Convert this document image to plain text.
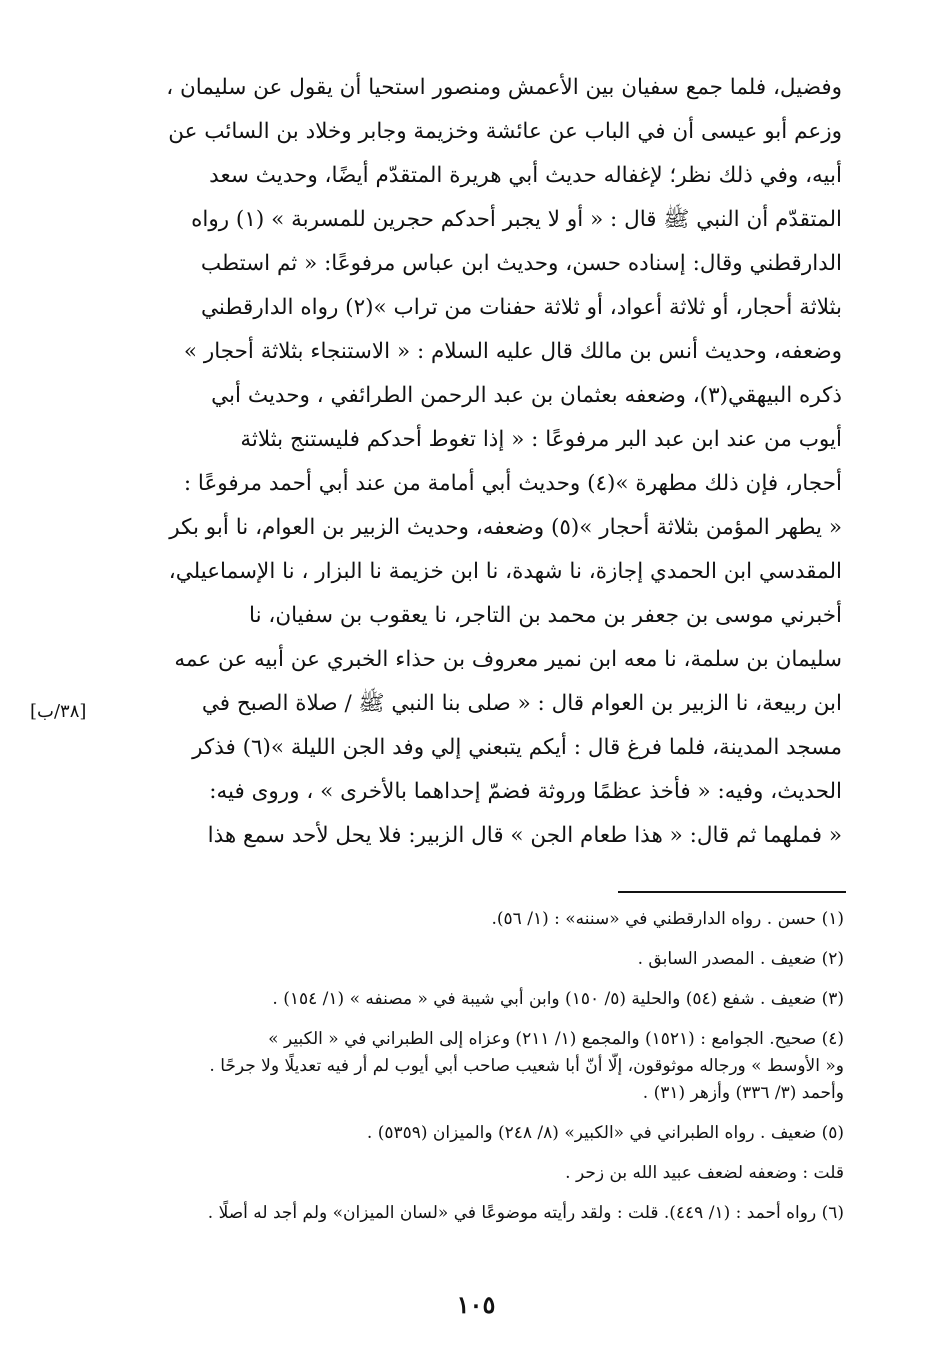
وفضيل، فلما جمع سفيان بين الأعمش ومنصور استحيا أن يقول عن سليمان ،
وزعم أبو عيسى أن في الباب عن عائشة وخزيمة وجابر وخلاد بن السائب عن
أبيه، وفي ذلك نظر؛ لإغفاله حديث أبي هريرة المتقدّم أيضًا، وحديث سعد
المتقدّم أن النبي ﷺ قال : « أو لا يجبر أحدكم حجرين للمسربة » (١) رواه
الدارقطني وقال: إسناده حسن، وحديث ابن عباس مرفوعًا: « ثم استطب
بثلاثة أحجار، أو ثلاثة أعواد، أو ثلاثة حفنات من تراب »(٢) رواه الدارقطني
وضعفه، وحديث أنس بن مالك قال عليه السلام : « الاستنجاء بثلاثة أحجار »
ذكره البيهقي(٣)، وضعفه بعثمان بن عبد الرحمن الطرائفي ، وحديث أبي
أيوب من عند ابن عبد البر مرفوعًا : « إذا تغوط أحدكم فليستنج بثلاثة
أحجار، فإن ذلك مطهرة »(٤) وحديث أبي أمامة من عند أبي أحمد مرفوعًا :
« يطهر المؤمن بثلاثة أحجار »(٥) وضعفه، وحديث الزبير بن العوام، نا أبو بكر
المقدسي ابن الحمدي إجازة، نا شهدة، نا ابن خزيمة نا البزار ، نا الإسماعيلي،
أخبرني موسى بن جعفر بن محمد بن التاجر، نا يعقوب بن سفيان، نا
سليمان بن سلمة، نا معه ابن نمير معروف بن حذاء الخبري عن أبيه عن عمه
ابن ربيعة، نا الزبير بن العوام قال : « صلى بنا النبي ﷺ / صلاة الصبح في
مسجد المدينة، فلما فرغ قال : أيكم يتبعني إلي وفد الجن الليلة »(٦) فذكر
الحديث، وفيه: « فأخذ عظمًا وروثة فضمّ إحداهما بالأخرى » ، وروى فيه:
« فملهما ثم قال: « هذا طعام الجن » قال الزبير: فلا يحل لأحد سمع هذا
[٣٨/ب]
(١) حسن . رواه الدارقطني في «سننه» : (١/ ٥٦).
(٢) ضعيف . المصدر السابق .
(٣) ضعيف . شفع (٥٤) والحلية (٥/ ١٥٠) وابن أبي شيبة في « مصنفه » (١/ ١٥٤) .
(٤) صحيح. الجوامع : (١٥٢١) والمجمع (١/ ٢١١) وعزاه إلى الطبراني في « الكبير »
و« الأوسط » ورجاله موثوقون، إلّا أنّ أبا شعيب صاحب أبي أيوب لم أر فيه تعديلًا ولا جرحًا .
وأحمد (٣/ ٣٣٦) وأزهر (٣١) .
(٥) ضعيف . رواه الطبراني في «الكبير» (٨/ ٢٤٨) والميزان (٥٣٥٩) .
قلت : وضعفه لضعف عبيد الله بن زحر .
(٦) رواه أحمد : (١/ ٤٤٩). قلت : ولقد رأيته موضوعًا في «لسان الميزان» ولم أجد له أصلًا .
١٠٥
